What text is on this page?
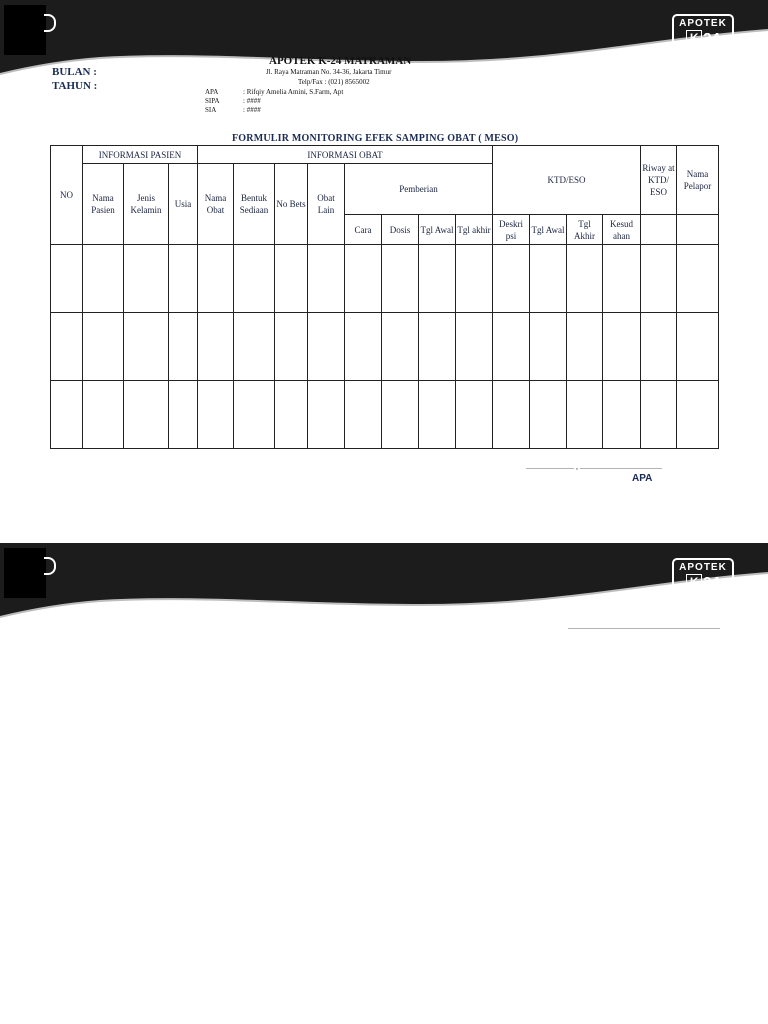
APOTEK
K 24
Sehat Sehat Kita-Kita
BULAN :
TAHUN :
APOTEK K-24 MATRAMAN
Jl. Raya Matraman No. 34-36, Jakarta Timur
Telp/Fax : (021) 8565002
APA	: Rifqiy Amelia Amini, S.Farm, Apt
SIPA	: ####
SIA	: ####
FORMULIR MONITORING EFEK SAMPING OBAT ( MESO)
NO	INFORMASI PASIEN			INFORMASI OBAT								KTD/ESO				Riway at KTD/ ESO	Nama Pelapor
	Nama Pasien	Jenis Kelamin	Usia	Nama Obat	Bentuk Sediaan	No Bets	Obat Lain	Pemberian									
								Cara	Dosis	Tgl Awal	Tgl akhir	Deskri psi	Tgl Awal	Tgl Akhir	Kesud ahan		

........................ , .........................................
APA
APOTEK
K 24
Sehat Sehat Kita-Kita
............................................................................
